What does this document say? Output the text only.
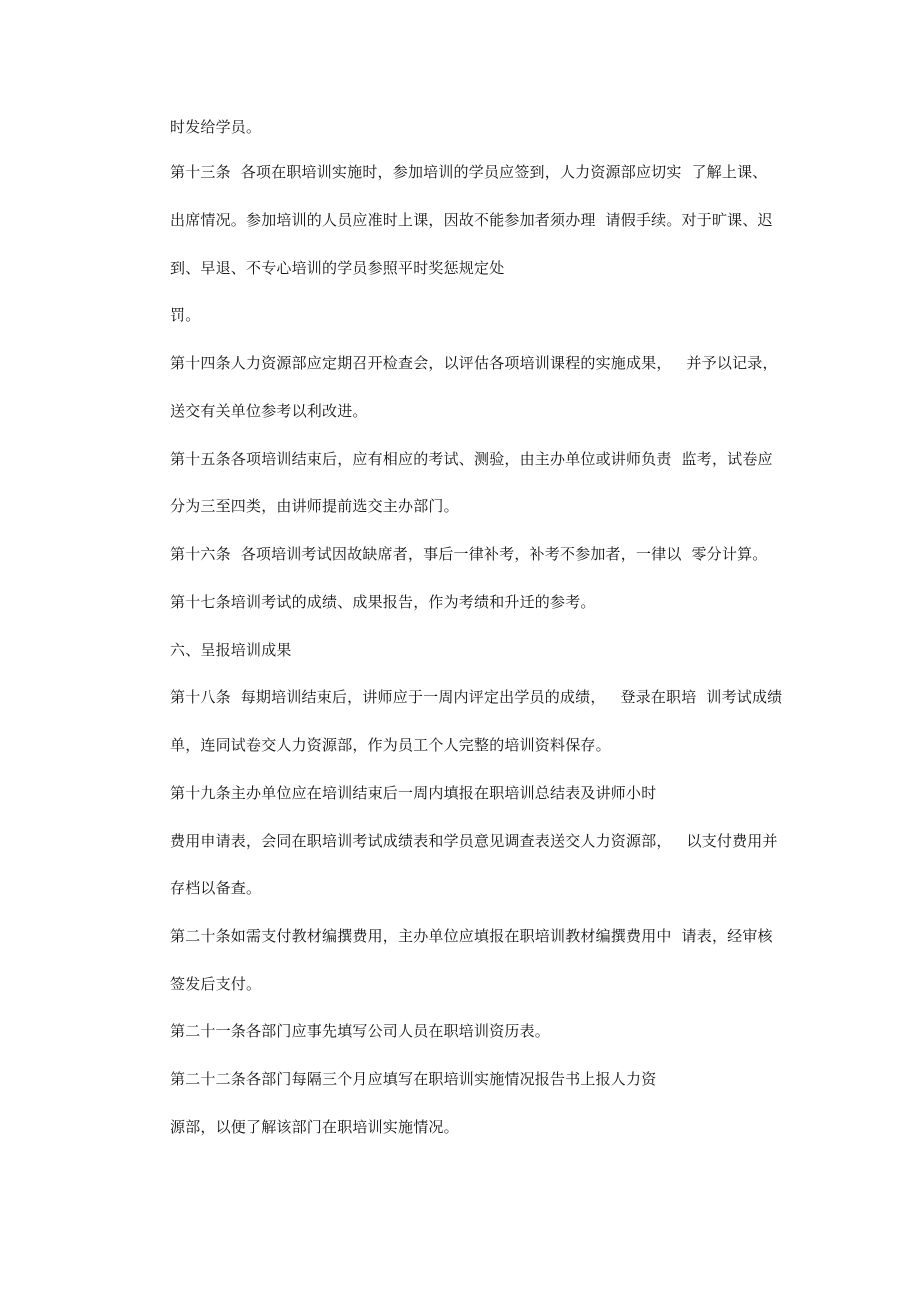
时发给学员。
第十三条  各项在职培训实施时，参加培训的学员应签到，人力资源部应切实  了解上课、
出席情况。参加培训的人员应准时上课，因故不能参加者须办理  请假手续。对于旷课、迟
到、早退、不专心培训的学员参照平时奖惩规定处
罚。
第十四条人力资源部应定期召开检查会，以评估各项培训课程的实施成果，   并予以记录，
送交有关单位参考以利改进。
第十五条各项培训结束后，应有相应的考试、测验，由主办单位或讲师负责  监考，试卷应
分为三至四类，由讲师提前选交主办部门。
第十六条  各项培训考试因故缺席者，事后一律补考，补考不参加者，一律以  零分计算。
第十七条培训考试的成绩、成果报告，作为考绩和升迁的参考。
六、呈报培训成果
第十八条  每期培训结束后，讲师应于一周内评定出学员的成绩，   登录在职培  训考试成绩
单，连同试卷交人力资源部，作为员工个人完整的培训资料保存。
第十九条主办单位应在培训结束后一周内填报在职培训总结表及讲师小时
费用申请表，会同在职培训考试成绩表和学员意见调查表送交人力资源部，   以支付费用并
存档以备查。
第二十条如需支付教材编撰费用，主办单位应填报在职培训教材编撰费用中  请表，经审核
签发后支付。
第二十一条各部门应事先填写公司人员在职培训资历表。
第二十二条各部门每隔三个月应填写在职培训实施情况报告书上报人力资
源部，以便了解该部门在职培训实施情况。
